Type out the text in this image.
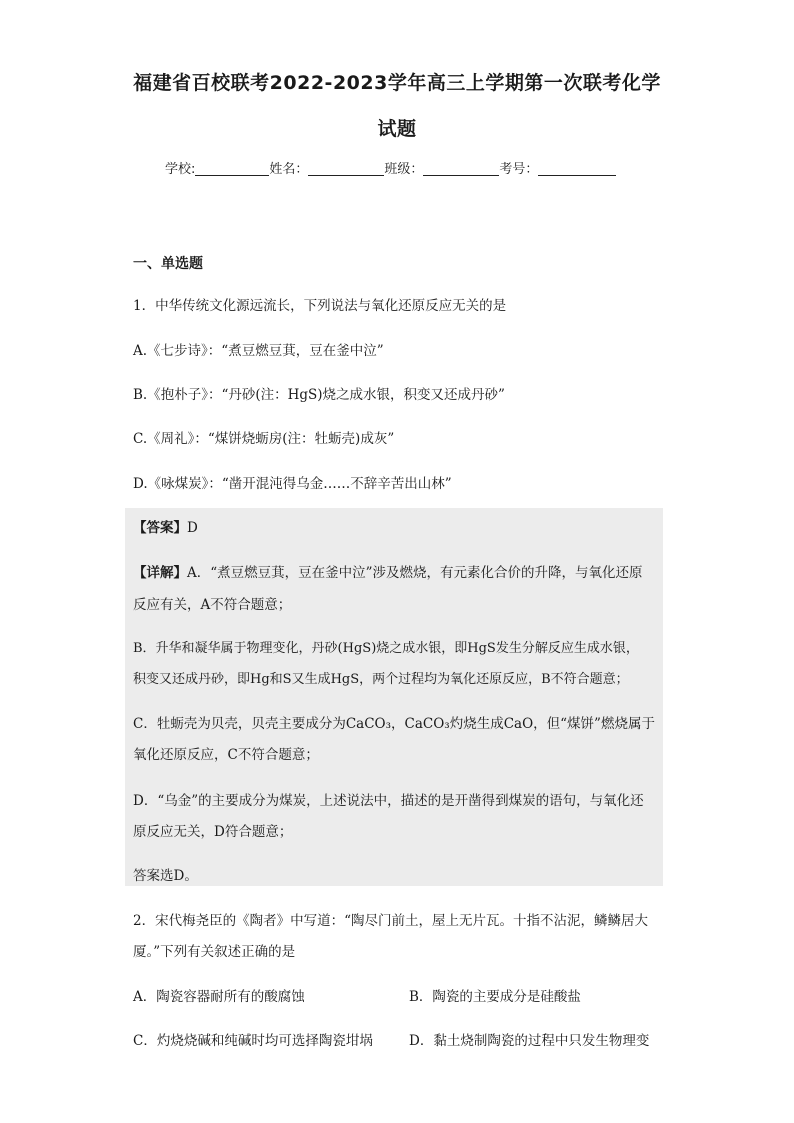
福建省百校联考2022-2023学年高三上学期第一次联考化学
试题
学校:	姓名：	班级：	考号：
一、单选题
1．中华传统文化源远流长，下列说法与氧化还原反应无关的是
A.《七步诗》：“煮豆燃豆萁，豆在釜中泣”
B.《抱朴子》：“丹砂(注：HgS)烧之成水银，积变又还成丹砂”
C.《周礼》：“煤饼烧蛎房(注：牡蛎壳)成灰”
D.《咏煤炭》：“凿开混沌得乌金……不辞辛苦出山林”
【答案】D
【详解】A．“煮豆燃豆萁，豆在釜中泣”涉及燃烧，有元素化合价的升降，与氧化还原
反应有关，A不符合题意；
B．升华和凝华属于物理变化，丹砂(HgS)烧之成水银，即HgS发生分解反应生成水银，
积变又还成丹砂，即Hg和S又生成HgS，两个过程均为氧化还原反应，B不符合题意；
C．牡蛎壳为贝壳，贝壳主要成分为CaCO₃，CaCO₃灼烧生成CaO，但“煤饼”燃烧属于
氧化还原反应，C不符合题意；
D．“乌金”的主要成分为煤炭，上述说法中，描述的是开凿得到煤炭的语句，与氧化还
原反应无关，D符合题意；
答案选D。
2．宋代梅尧臣的《陶者》中写道：“陶尽门前土，屋上无片瓦。十指不沾泥，鳞鳞居大
厦。”下列有关叙述正确的是
A．陶瓷容器耐所有的酸腐蚀	B．陶瓷的主要成分是硅酸盐
C．灼烧烧碱和纯碱时均可选择陶瓷坩埚	D．黏土烧制陶瓷的过程中只发生物理变
